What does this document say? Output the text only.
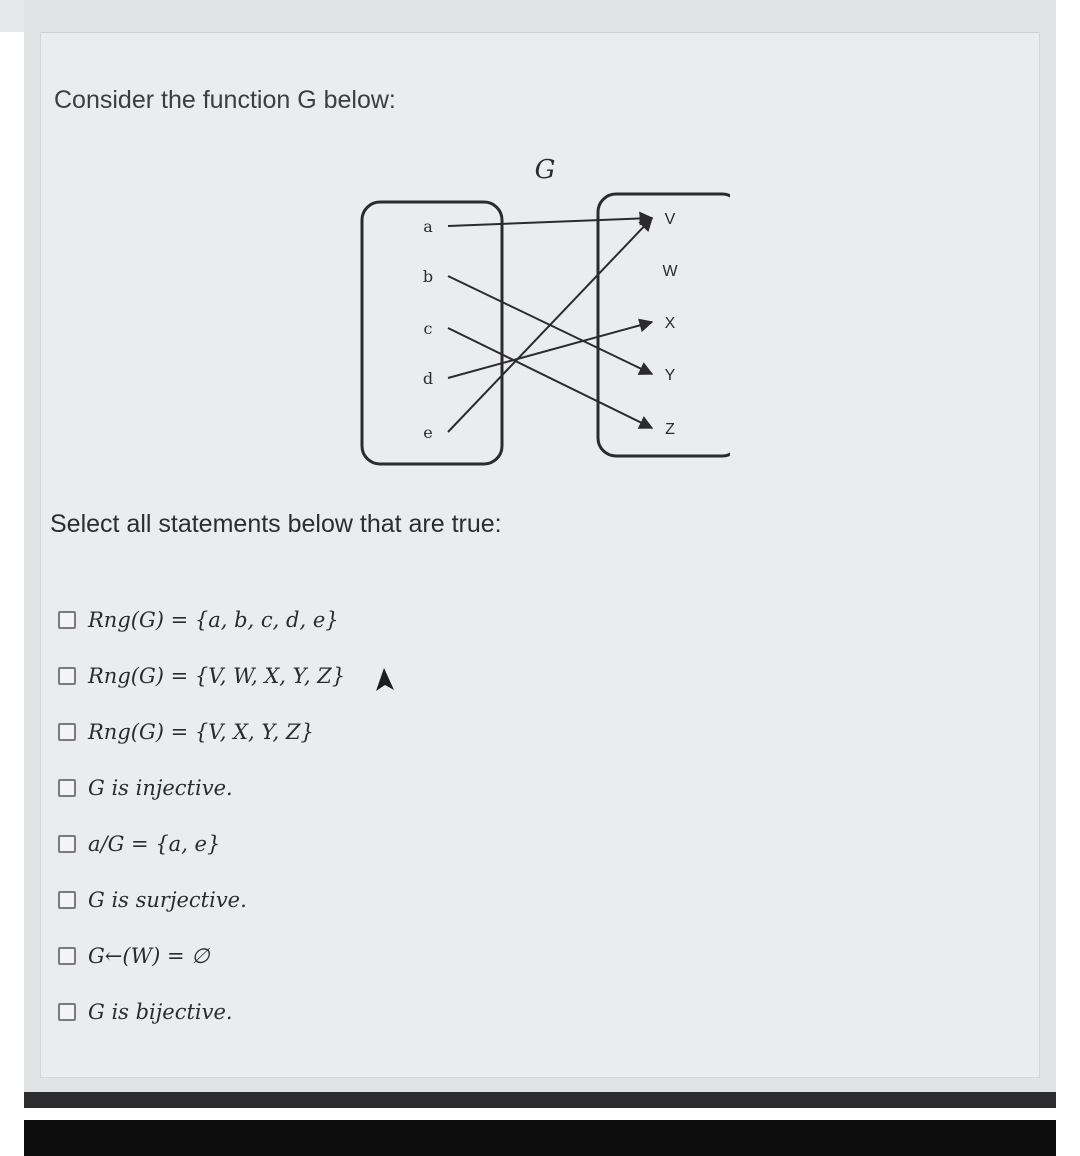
Consider the function G below:
G
a
b
c
d
e
V
W
X
Y
Z
Select all statements below that are true:
Rng(G) = {a, b, c, d, e}
Rng(G) = {V, W, X, Y, Z}
Rng(G) = {V, X, Y, Z}
G is injective.
a/G = {a, e}
G is surjective.
G←(W) = ∅
G is bijective.
